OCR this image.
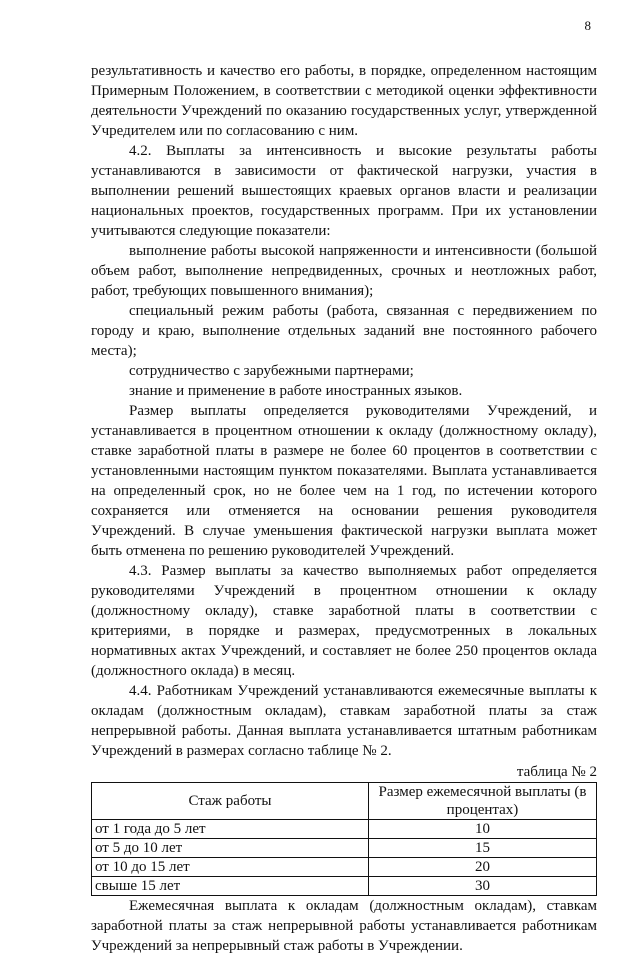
8

результативность и качество его работы, в порядке, определенном настоящим Примерным Положением, в соответствии с методикой оценки эффективности деятельности Учреждений по оказанию государственных услуг, утвержденной Учредителем или по согласованию с ним.

4.2. Выплаты за интенсивность и высокие результаты работы устанавливаются в зависимости от фактической нагрузки, участия в выполнении решений вышестоящих краевых органов власти и реализации национальных проектов, государственных программ. При их установлении учитываются следующие показатели:

выполнение работы высокой напряженности и интенсивности (большой объем работ, выполнение непредвиденных, срочных и неотложных работ, работ, требующих повышенного внимания);

специальный режим работы (работа, связанная с передвижением по городу и краю, выполнение отдельных заданий вне постоянного рабочего места);

сотрудничество с зарубежными партнерами;

знание и применение в работе иностранных языков.

Размер выплаты определяется руководителями Учреждений, и устанавливается в процентном отношении к окладу (должностному окладу), ставке заработной платы в размере не более 60 процентов в соответствии с установленными настоящим пунктом показателями. Выплата устанавливается на определенный срок, но не более чем на 1 год, по истечении которого сохраняется или отменяется на основании решения руководителя Учреждений. В случае уменьшения фактической нагрузки выплата может быть отменена по решению руководителей Учреждений.

4.3. Размер выплаты за качество выполняемых работ определяется руководителями Учреждений в процентном отношении к окладу (должностному окладу), ставке заработной платы в соответствии с критериями, в порядке и размерах, предусмотренных в локальных нормативных актах Учреждений, и составляет не более 250 процентов оклада (должностного оклада) в месяц.

4.4. Работникам Учреждений устанавливаются ежемесячные выплаты к окладам (должностным окладам), ставкам заработной платы за стаж непрерывной работы. Данная выплата устанавливается штатным работникам Учреждений в размерах согласно таблице № 2.

таблица № 2
Стаж работы	Размер ежемесячной выплаты (в процентах)
от 1 года до 5 лет	10
от 5 до 10 лет	15
от 10 до 15 лет	20
свыше 15 лет	30

Ежемесячная выплата к окладам (должностным окладам), ставкам заработной платы за стаж непрерывной работы устанавливается работникам Учреждений за непрерывный стаж работы в Учреждении.
